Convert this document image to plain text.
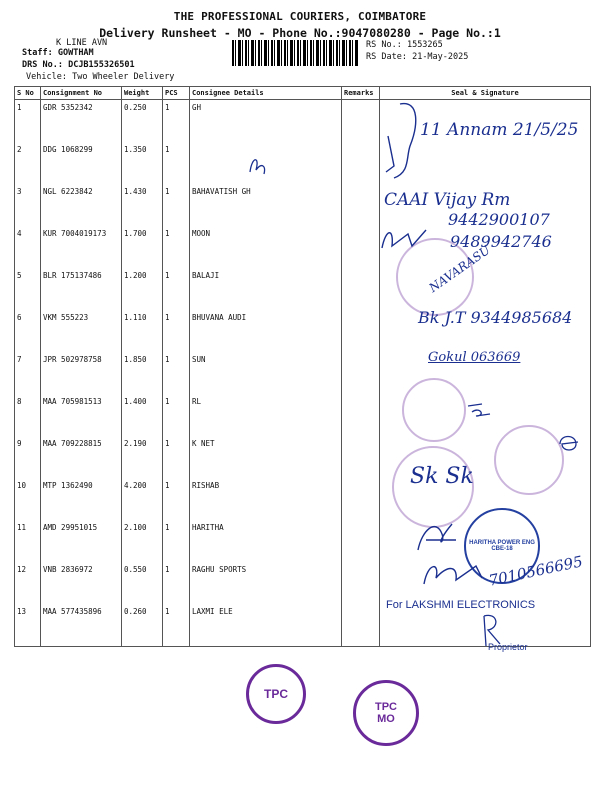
THE PROFESSIONAL COURIERS, COIMBATORE
Delivery Runsheet - MO - Phone No.:9047080280 - Page No.:1
K LINE AVN
Staff: GOWTHAM
DRS No.: DCJB155326501
Vehicle: Two Wheeler Delivery
RS No.: 1553265
RS Date: 21-May-2025
S No	Consignment No	Weight	PCS	Consignee Details	Remarks	Seal & Signature
1	GDR 5352342	0.250	1	GH		
2	DDG 1068299	1.350	1			
3	NGL 6223842	1.430	1	BAHAVATISH GH		
4	KUR 7004019173	1.700	1	MOON		
5	BLR 175137486	1.200	1	BALAJI		
6	VKM 555223	1.110	1	BHUVANA AUDI		
7	JPR 502978758	1.850	1	SUN		
8	MAA 705981513	1.400	1	RL		
9	MAA 709228815	2.190	1	K NET		
10	MTP 1362490	4.200	1	RISHAB		
11	AMD 29951015	2.100	1	HARITHA		
12	VNB 2836972	0.550	1	RAGHU SPORTS		
13	MAA 577435896	0.260	1	LAXMI ELE		
HARITHA POWER ENG CBE-18
11 Annam 21/5/25
CAAI Vijay Rm
9442900107
9489942746
NAVARASU
Bk J.T 9344985684
Gokul 063669
Sk Sk
7010566695
For LAKSHMI ELECTRONICS
Proprietor
TPC
TPC
MO
